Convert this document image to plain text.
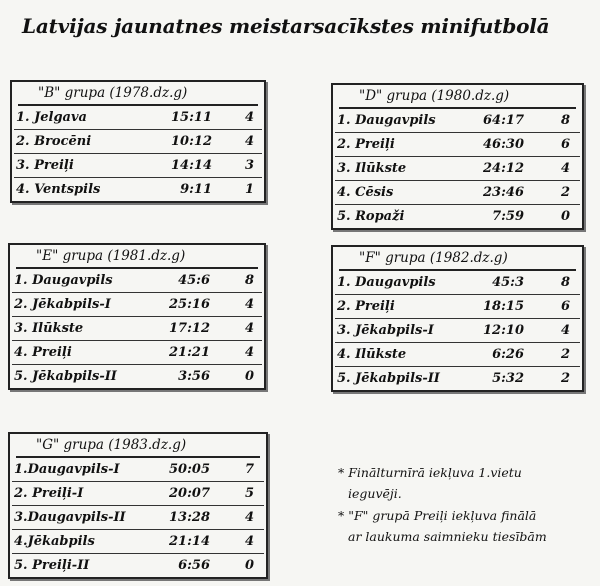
Latvijas jaunatnes meistarsacīkstes minifutbolā
"B" grupa (1978.dz.g)
1. Jelgava	15:11	4
2. Brocēni	10:12	4
3. Preiļi	14:14	3
4. Ventspils	9:11	1
"D" grupa (1980.dz.g)
1. Daugavpils	64:17	8
2. Preiļi	46:30	6
3. Ilūkste	24:12	4
4. Cēsis	23:46	2
5. Ropaži	7:59	0
"E" grupa (1981.dz.g)
1. Daugavpils	45:6	8
2. Jēkabpils-I	25:16	4
3. Ilūkste	17:12	4
4. Preiļi	21:21	4
5. Jēkabpils-II	3:56	0
"F" grupa (1982.dz.g)
1. Daugavpils	45:3	8
2. Preiļi	18:15	6
3. Jēkabpils-I	12:10	4
4. Ilūkste	6:26	2
5. Jēkabpils-II	5:32	2
"G" grupa (1983.dz.g)
1.Daugavpils-I	50:05	7
2. Preiļi-I	20:07	5
3.Daugavpils-II	13:28	4
4.Jēkabpils	21:14	4
5. Preiļi-II	6:56	0
* Finālturnīrā iekļuva 1.vietu
ieguvēji.
* "F" grupā Preiļi iekļuva finālā
ar laukuma saimnieku tiesībām
